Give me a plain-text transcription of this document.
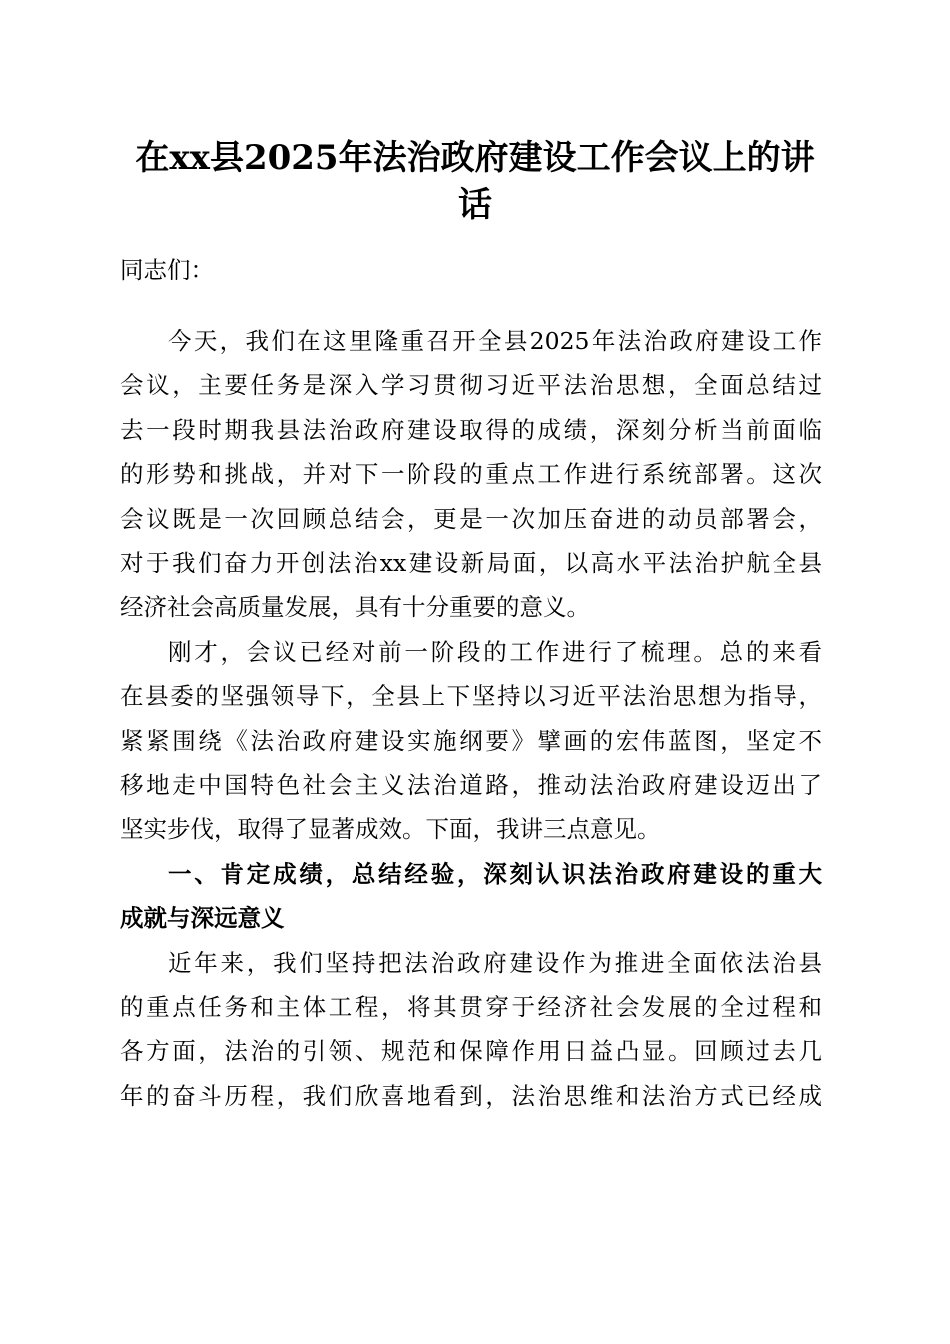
在xx县2025年法治政府建设工作会议上的讲
话
同志们：
今天，我们在这里隆重召开全县2025年法治政府建设工作
会议，主要任务是深入学习贯彻习近平法治思想，全面总结过
去一段时期我县法治政府建设取得的成绩，深刻分析当前面临
的形势和挑战，并对下一阶段的重点工作进行系统部署。这次
会议既是一次回顾总结会，更是一次加压奋进的动员部署会，
对于我们奋力开创法治xx建设新局面，以高水平法治护航全县
经济社会高质量发展，具有十分重要的意义。
刚才，会议已经对前一阶段的工作进行了梳理。总的来看
在县委的坚强领导下，全县上下坚持以习近平法治思想为指导，
紧紧围绕《法治政府建设实施纲要》擘画的宏伟蓝图，坚定不
移地走中国特色社会主义法治道路，推动法治政府建设迈出了
坚实步伐，取得了显著成效。下面，我讲三点意见。
一、肯定成绩，总结经验，深刻认识法治政府建设的重大
成就与深远意义
近年来，我们坚持把法治政府建设作为推进全面依法治县
的重点任务和主体工程，将其贯穿于经济社会发展的全过程和
各方面，法治的引领、规范和保障作用日益凸显。回顾过去几
年的奋斗历程，我们欣喜地看到，法治思维和法治方式已经成
